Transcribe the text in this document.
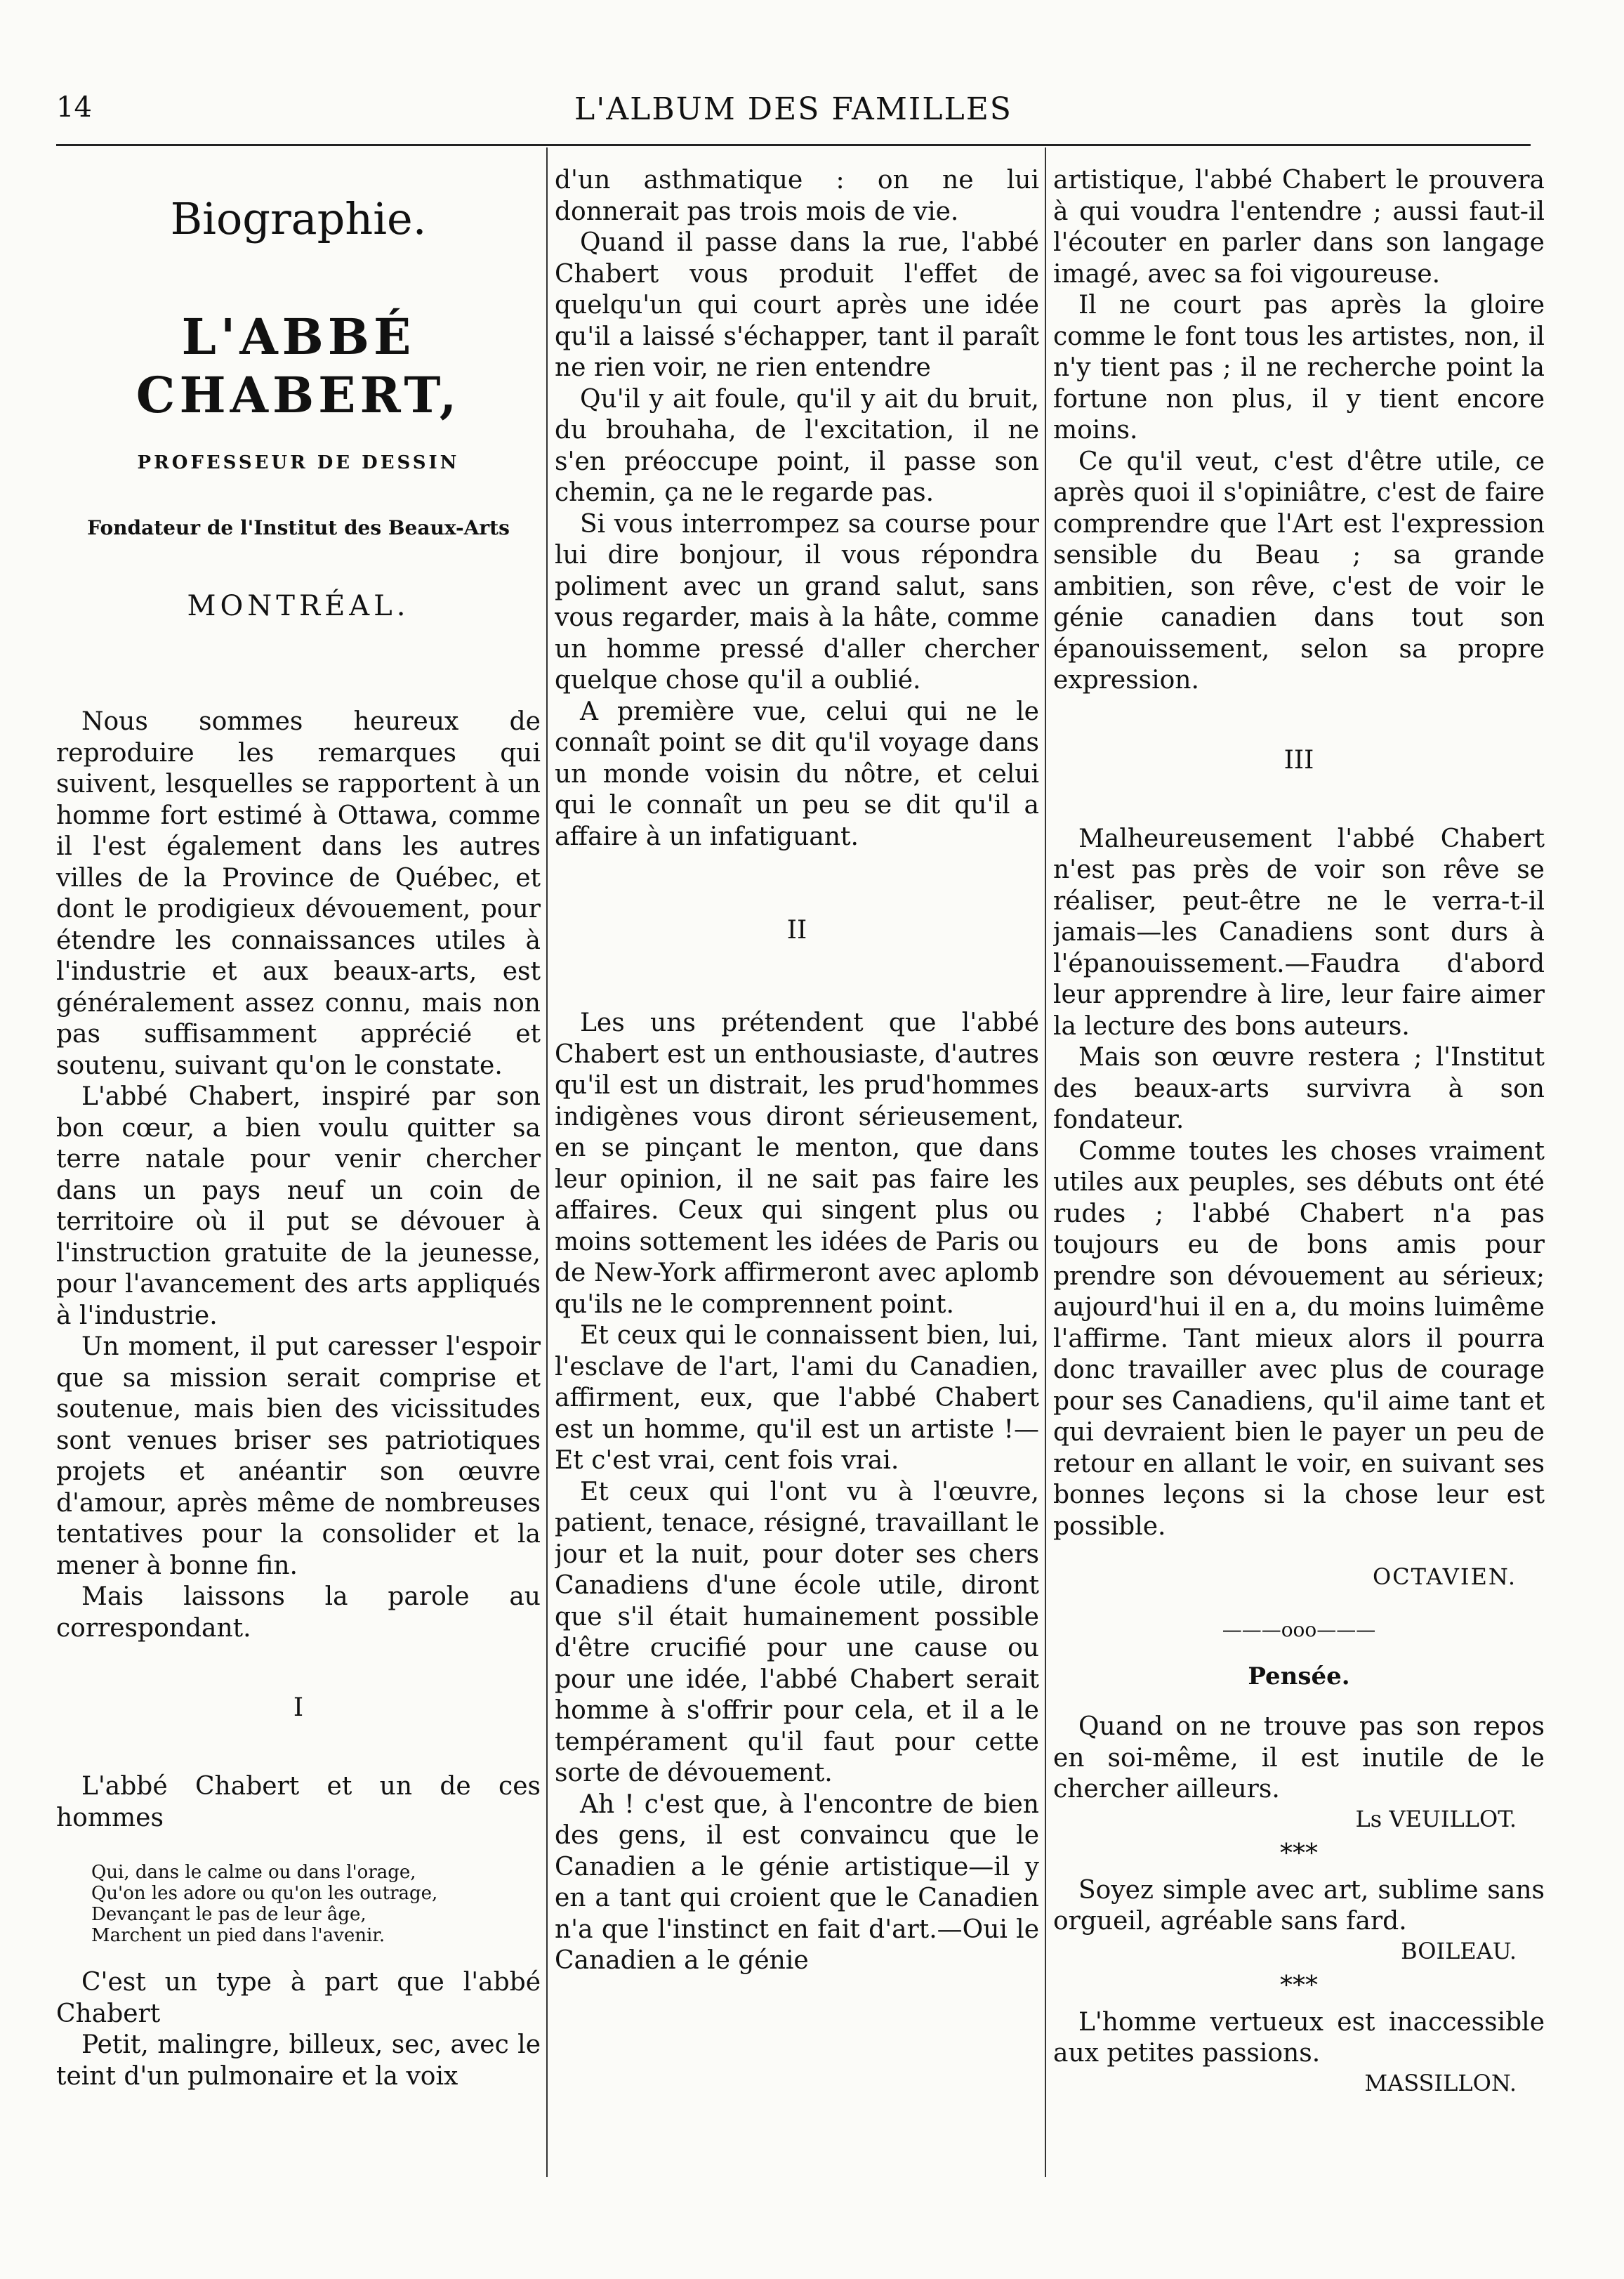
14	L'ALBUM DES FAMILLES
Biographie.
L'ABBÉ CHABERT,
PROFESSEUR DE DESSIN
Fondateur de l'Institut des Beaux-Arts
MONTRÉAL.

Nous sommes heureux de reproduire les remarques qui suivent, lesquelles se rapportent à un homme fort estimé à Ottawa, comme il l'est également dans les autres villes de la Province de Québec, et dont le prodigieux dévouement, pour étendre les connaissances utiles à l'industrie et aux beaux-arts, est généralement assez connu, mais non pas suffisamment apprécié et soutenu, suivant qu'on le constate.

L'abbé Chabert, inspiré par son bon cœur, a bien voulu quitter sa terre natale pour venir chercher dans un pays neuf un coin de territoire où il put se dévouer à l'instruction gratuite de la jeunesse, pour l'avancement des arts appliqués à l'industrie.

Un moment, il put caresser l'espoir que sa mission serait comprise et soutenue, mais bien des vicissitudes sont venues briser ses patriotiques projets et anéantir son œuvre d'amour, après même de nombreuses tentatives pour la consolider et la mener à bonne fin.

Mais laissons la parole au correspondant.

I

L'abbé Chabert et un de ces hommes

Qui, dans le calme ou dans l'orage,

Qu'on les adore ou qu'on les outrage,

Devançant le pas de leur âge,

Marchent un pied dans l'avenir.

C'est un type à part que l'abbé Chabert

Petit, malingre, billeux, sec, avec le teint d'un pulmonaire et la voix

d'un asthmatique : on ne lui donnerait pas trois mois de vie.

Quand il passe dans la rue, l'abbé Chabert vous produit l'effet de quelqu'un qui court après une idée qu'il a laissé s'échapper, tant il paraît ne rien voir, ne rien entendre

Qu'il y ait foule, qu'il y ait du bruit, du brouhaha, de l'excitation, il ne s'en préoccupe point, il passe son chemin, ça ne le regarde pas.

Si vous interrompez sa course pour lui dire bonjour, il vous répondra poliment avec un grand salut, sans vous regarder, mais à la hâte, comme un homme pressé d'aller chercher quelque chose qu'il a oublié.

A première vue, celui qui ne le connaît point se dit qu'il voyage dans un monde voisin du nôtre, et celui qui le connaît un peu se dit qu'il a affaire à un infatiguant.

II

Les uns prétendent que l'abbé Chabert est un enthousiaste, d'autres qu'il est un distrait, les prud'hommes indigènes vous diront sérieusement, en se pinçant le menton, que dans leur opinion, il ne sait pas faire les affaires. Ceux qui singent plus ou moins sottement les idées de Paris ou de New-York affirmeront avec aplomb qu'ils ne le comprennent point.

Et ceux qui le connaissent bien, lui, l'esclave de l'art, l'ami du Canadien, affirment, eux, que l'abbé Chabert est un homme, qu'il est un artiste !—Et c'est vrai, cent fois vrai.

Et ceux qui l'ont vu à l'œuvre, patient, tenace, résigné, travaillant le jour et la nuit, pour doter ses chers Canadiens d'une école utile, diront que s'il était humainement possible d'être crucifié pour une cause ou pour une idée, l'abbé Chabert serait homme à s'offrir pour cela, et il a le tempérament qu'il faut pour cette sorte de dévouement.

Ah ! c'est que, à l'encontre de bien des gens, il est convaincu que le Canadien a le génie artistique—il y en a tant qui croient que le Canadien n'a que l'instinct en fait d'art.—Oui le Canadien a le génie

artistique, l'abbé Chabert le prouvera à qui voudra l'entendre ; aussi faut-il l'écouter en parler dans son langage imagé, avec sa foi vigoureuse.

Il ne court pas après la gloire comme le font tous les artistes, non, il n'y tient pas ; il ne recherche point la fortune non plus, il y tient encore moins.

Ce qu'il veut, c'est d'être utile, ce après quoi il s'opiniâtre, c'est de faire comprendre que l'Art est l'expression sensible du Beau ; sa grande ambitien, son rêve, c'est de voir le génie canadien dans tout son épanouissement, selon sa propre expression.

III

Malheureusement l'abbé Chabert n'est pas près de voir son rêve se réaliser, peut-être ne le verra-t-il jamais—les Canadiens sont durs à l'épanouissement.—Faudra d'abord leur apprendre à lire, leur faire aimer la lecture des bons auteurs.

Mais son œuvre restera ; l'Institut des beaux-arts survivra à son fondateur.

Comme toutes les choses vraiment utiles aux peuples, ses débuts ont été rudes ; l'abbé Chabert n'a pas toujours eu de bons amis pour prendre son dévouement au sérieux; aujourd'hui il en a, du moins luimême l'affirme. Tant mieux alors il pourra donc travailler avec plus de courage pour ses Canadiens, qu'il aime tant et qui devraient bien le payer un peu de retour en allant le voir, en suivant ses bonnes leçons si la chose leur est possible.

OCTAVIEN.
———ooo———
Pensée.

Quand on ne trouve pas son repos en soi-même, il est inutile de le chercher ailleurs.

Ls VEUILLOT.
***

Soyez simple avec art, sublime sans orgueil, agréable sans fard.

BOILEAU.
***

L'homme vertueux est inaccessible aux petites passions.

MASSILLON.
